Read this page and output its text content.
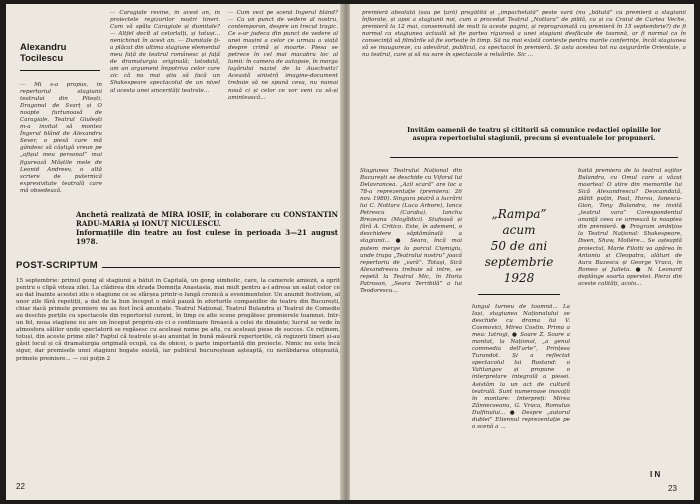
Alexandru
Tocilescu
— Mi s-a propus, în repertoriul stagiunii teatrului din Pitești, Dragonul de Svarț și O noapte furtunoasă de Caragiale. Teatrul Giulești m-a invitat să montez Îngerul blând de Alexandru Sever, o piesă care mă gândesc să câștigă vreun pe „afișul meu personal” mai figurează Măștile mele de Leonid Andreev, o altă scriere de puternică expresivitate teatrală care mă obsedează.
— Caragiale revine, în acest an, în proiectele regizorilor noștri tineri. Cum vă spăla Caragiale și dumitale? — Altfel decît al celorlalți, și totuși... nenichinat în acest an. — Dumitale ți-a plăcut din ultima stagiune elementul meu față de teatrul românesc și față de dramaturgia originală; totodată, am un argument împotriva celor care zic că nu mai știu să facă un Shakespeare spectacolul de un nivel al acesta unei sincerități teatrale...
— Cum vezi pe scenă Îngerul blând? — Ca un punct de vedere al nostru, contemporan, despre un trecut tragic. Ce s-ar judeca din punct de vedere al unei mașini a celor ce urmau o viață despre crimă și moarte. Piesa se petrece în cel mai macabru loc al lumii: în camera de autopsie, în morga lagărului nazist de la Auschwitz! Această sinistră imagine-document trebuie să ne spună ceva, nu numai nouă ci și celor ce vor veni ca să-și amintească...
Anchetă realizată de MIRA IOSIF, în colaborare cu CONSTANTIN RADU-MARIA și IONUȚ NICULESCU.
Informațiile din teatre au fost culese în perioada 3—21 august 1978.
POST-SCRIPTUM
15 septembrie: primul gong al stagiunii a bătut în Capitală, un gong simbolic, care, la camerele amiezii, a oprit pentru o clipă viteza zilei. La clădirea din strada Domnița Anastasia, mai mult pentru a-i adresa un salut celor ce au dat înainte acestei zile o stagiune ce se sfârșea printr-o lungă cronică a evenimentelor. Un anumit festivism, al unor zile fără repetiții, a dat de la bun început o mică pauză în eforturile companiilor de teatru din București, chiar dacă primele premiere nu au fost încă anunțate. Teatrul Național, Teatrul Bulandra și Teatrul de Comedie au deschis porțile cu spectacole din repertoriul curent, în timp ce alte scene pregătesc premierele toamnei. Intr-un fel, noua stagiune nu are un început propriu-zis ci o continuare firească a celei de dinainte; lucrul se vede în atmosfera sălilor unde spectatorii se regăsesc cu aceleași nume pe afiș, cu aceleași piese de succes. Ce reținem, totuși, din aceste prime zile? Faptul că teatrele și-au anunțat în bună măsură repertoriile, că regizorii tineri și-au găsit locul și că dramaturgia originală ocupă, ca de obicei, o parte importantă din proiecte. Nimic nu este încă sigur, dar premisele unei stagiuni bogate există, iar publicul bucureștean așteaptă, cu nerăbdarea obișnuită, primele premiere... — cei puțin 2
22
premieră absolută (sau pe țară) pregătită și „împachetată” peste vară (nu „bătută” cu premieră a stagiunii înfiorate, și apoi a stagiunii noi, cum a procedat Teatrul „Nottara” de pildă, ca și cu Craiul de Curtea Veche, premieră la 12 mai, consemnată de mult la aceste pagini, și reprogramată cu premieră în 15 septembrie?) de fi normal ca stagiunea actuală să fie partea rigurosă a unei stagiuni desfăcute de toamnă, ar fi normal ca în consecință să filmările să fie sorteate în timp. Să nu mai există contexte pentru marile conferințe, încât stagiunea să se inaugureze, cu adevărat, publicul, ca spectacol în premieră. Și asta acestea tot nu asigurările Orientale, a nu teatrul, care și să nu sare în spectacole a reluările. Sic ...
Invităm oamenii de teatru și cititorii să comunice redacției opiniile lor asupra repertoriului stagiunii, precum și eventualele lor propuneri.
Stagiunea Teatrului Național din București se deschide cu Viforul lui Delavrancea. „Azil scară” are loc a 78-a reprezentație (premiera: 26 nov. 1980). Singura piatră a lucrării lui C. Nottara (Luca Arbore), Ianca Petrescu (Caraba), Ianchu Brezeanu (Mogîldici). Stufoasă și fără A. Critico. Este, în ademeni, o deschidere săptămânală a stagiunii... ● Seara, încă mai putem merge la parcul Cișmigiu, unde trupa „Teatrului nostru” joacă repertoriu de „vară”. Totuși, Sică Alexandrescu trebuie să intre, se repetă la Teatrul Mic, în Horia Patrosan, „Seara Terribilă” a lui Teodorescu...
„Rampa”
acum
50 de ani
septembrie
1928
lungul turneu de toamnă... La Iași, stagiunea Naționalului se deschide cu drama lui V. Cosmovici, Mirea Costin. Prima a mea: Iatrogi, ● Soare Z. Soare a montat, la Național, „a genul commedia dell'arte”, Prințesa Turandot. Și a reflectat spectacolul lui Rostand: o Vahtangov și propune o interpretare integrală a piesei. Asistăm la un act de cultură teatrală. Sunt numeroase inovații în montare: Interpreți: Mirea Zănnecseanu, G. Vraca, Romulus Dulfinului... ● Despre „autorul dublei” Etiennul reprezentație pe o scenă a ...
baită premiera de la teatrul sojilor Bulandra, cu Omul care a văzut moartea! O știre din memoriile lui Sică Alexandrescu? Deocamdată, plătit puțin, Paul, Horsu, Ionescu-Gion, Tony Bulandra, ne invită „teatrul vara” Corespondentul anunță ceea ce urmează la noaptea din premieră. ● Program ambițios la Teatrul Național: Shakespeare, Ibsen, Shaw, Molière... Se așteaptă proiectul, Marie Filotti va apărea în Antoniu și Cleopatra, alături de Aura Buzescu și George Vraca, în Romeo și Julieta. ● N. Leonard deplânge soarta operetei. Pierzi din aceste calități, acolo...
I N
23
